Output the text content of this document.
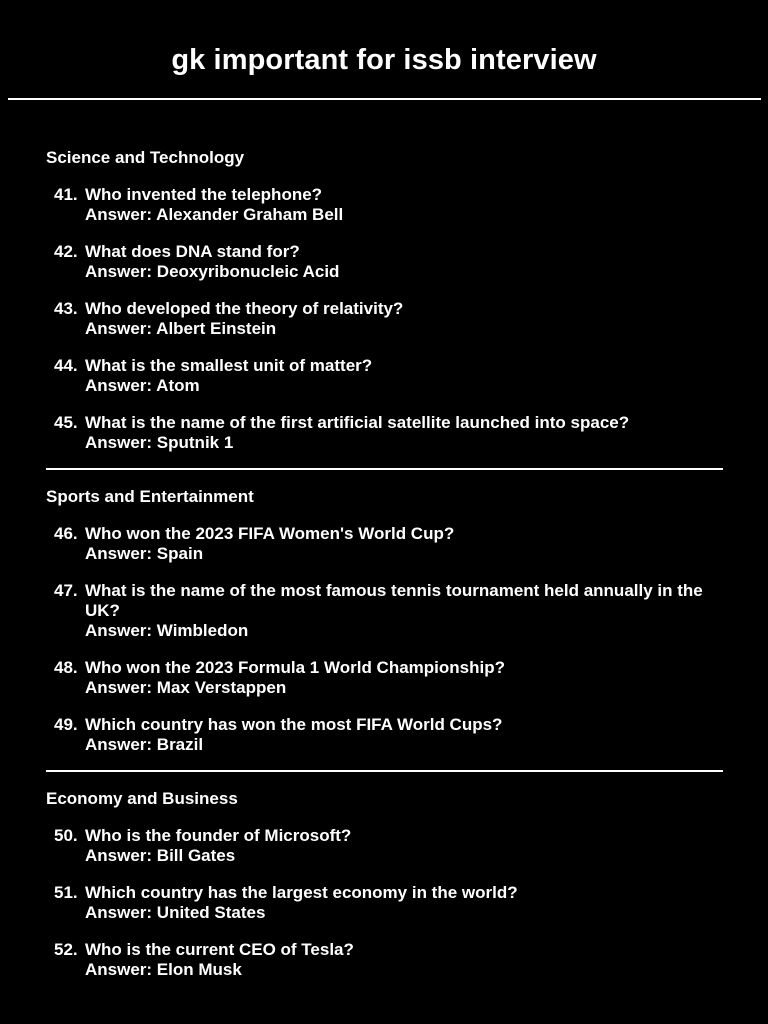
gk important for issb interview
Science and Technology
41. Who invented the telephone?
Answer: Alexander Graham Bell
42. What does DNA stand for?
Answer: Deoxyribonucleic Acid
43. Who developed the theory of relativity?
Answer: Albert Einstein
44. What is the smallest unit of matter?
Answer: Atom
45. What is the name of the first artificial satellite launched into space?
Answer: Sputnik 1
Sports and Entertainment
46. Who won the 2023 FIFA Women's World Cup?
Answer: Spain
47. What is the name of the most famous tennis tournament held annually in the UK?
Answer: Wimbledon
48. Who won the 2023 Formula 1 World Championship?
Answer: Max Verstappen
49. Which country has won the most FIFA World Cups?
Answer: Brazil
Economy and Business
50. Who is the founder of Microsoft?
Answer: Bill Gates
51. Which country has the largest economy in the world?
Answer: United States
52. Who is the current CEO of Tesla?
Answer: Elon Musk
